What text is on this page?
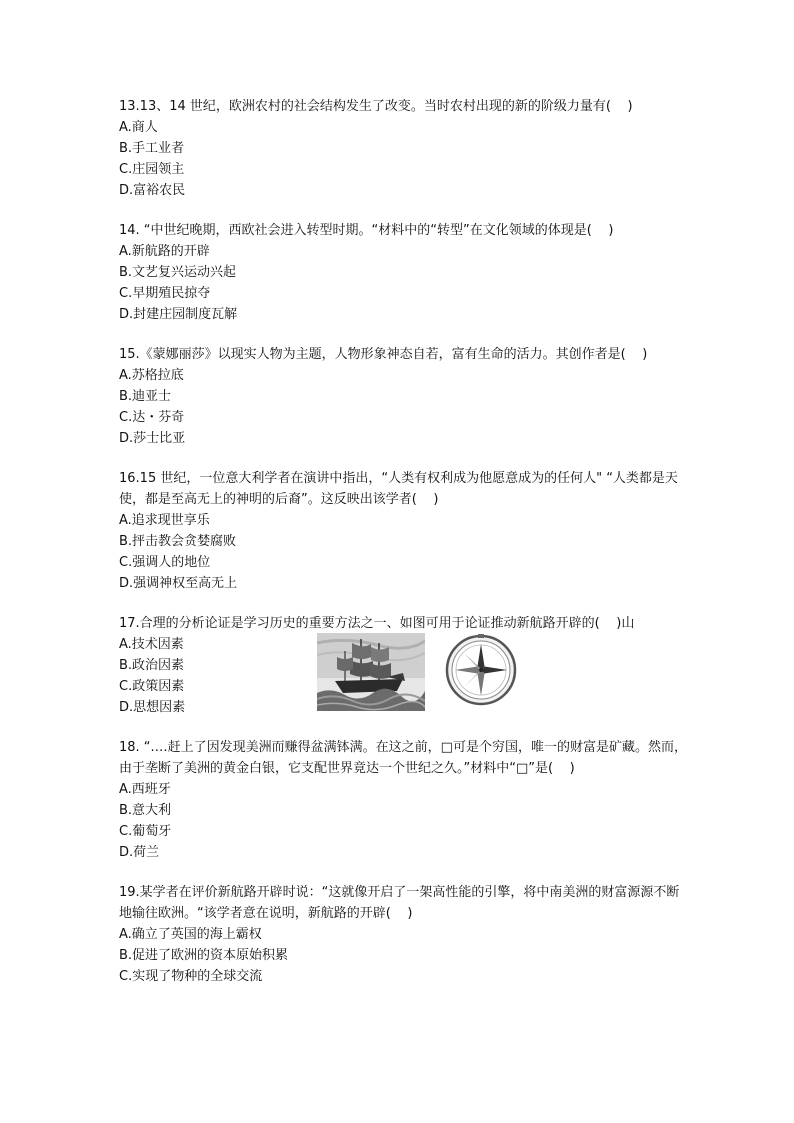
13.13、14 世纪，欧洲农村的社会结构发生了改变。当时农村出现的新的阶级力量有(    )

A.商人

B.手工业者

C.庄园领主

D.富裕农民

14. “中世纪晚期，西欧社会进入转型时期。“材料中的“转型”在文化领域的体现是(    )

A.新航路的开辟

B.文艺复兴运动兴起

C.早期殖民掠夺

D.封建庄园制度瓦解

15.《蒙娜丽莎》以现实人物为主题，人物形象神态自若，富有生命的活力。其创作者是(    )

A.苏格拉底

B.迪亚士

C.达・芬奇

D.莎士比亚

16.15 世纪，一位意大利学者在演讲中指出，“人类有权利成为他愿意成为的任何人" “人类都是天使，都是至高无上的神明的后裔”。这反映出该学者(    )

A.追求现世享乐

B.抨击教会贪婪腐败

C.强调人的地位

D.强调神权至高无上

17.合理的分析论证是学习历史的重要方法之一、如图可用于论证推动新航路开辟的(    )山

A.技术因素

B.政治因素

C.政策因素

D.思想因素

18. “.…赶上了因发现美洲而赚得盆满钵满。在这之前，□可是个穷国，唯一的财富是矿藏。然而，由于垄断了美洲的黄金白银，它支配世界竟达一个世纪之久。”材料中“□”是(    )

A.西班牙

B.意大利

C.葡萄牙

D.荷兰

19.某学者在评价新航路开辟时说：“这就像开启了一架高性能的引擎，将中南美洲的财富源源不断地输往欧洲。“该学者意在说明，新航路的开辟(    )

A.确立了英国的海上霸权

B.促进了欧洲的资本原始积累

C.实现了物种的全球交流
